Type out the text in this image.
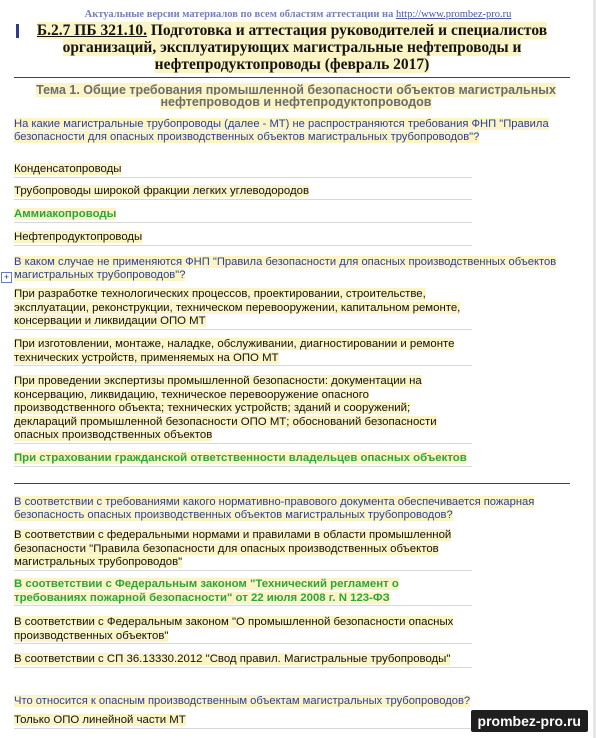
Актуальные версии материалов по всем областям аттестации на http://www.prombez-pro.ru
Б.2.7 ПБ 321.10. Подготовка и аттестация руководителей и специалистов организаций, эксплуатирующих магистральные нефтепроводы и нефтепродуктопроводы (февраль 2017)
Тема 1. Общие требования промышленной безопасности объектов магистральных нефтепроводов и нефтепродуктопроводов
На какие магистральные трубопроводы (далее - МТ) не распространяются требования ФНП "Правила безопасности для опасных производственных объектов магистральных трубопроводов"?
Конденсатопроводы
Трубопроводы широкой фракции легких углеводородов
Аммиакопроводы
Нефтепродуктопроводы
+
В каком случае не применяются ФНП "Правила безопасности для опасных производственных объектов магистральных трубопроводов"?
При разработке технологических процессов, проектировании, строительстве, эксплуатации, реконструкции, техническом перевооружении, капитальном ремонте, консервации и ликвидации ОПО МТ
При изготовлении, монтаже, наладке, обслуживании, диагностировании и ремонте технических устройств, применяемых на ОПО МТ
При проведении экспертизы промышленной безопасности: документации на консервацию, ликвидацию, техническое перевооружение опасного производственного объекта; технических устройств; зданий и сооружений; деклараций промышленной безопасности ОПО МТ; обоснований безопасности опасных производственных объектов
При страховании гражданской ответственности владельцев опасных объектов
В соответствии с требованиями какого нормативно-правового документа обеспечивается пожарная безопасность опасных производственных объектов магистральных трубопроводов?
В соответствии с федеральными нормами и правилами в области промышленной безопасности "Правила безопасности для опасных производственных объектов магистральных трубопроводов"
В соответствии с Федеральным законом "Технический регламент о требованиях пожарной безопасности" от 22 июля 2008 г. N 123-ФЗ
В соответствии с Федеральным законом "О промышленной безопасности опасных производственных объектов"
В соответствии с СП 36.13330.2012 "Свод правил. Магистральные трубопроводы"
Что относится к опасным производственным объектам магистральных трубопроводов?
Только ОПО линейной части МТ	prombez-pro.ru
